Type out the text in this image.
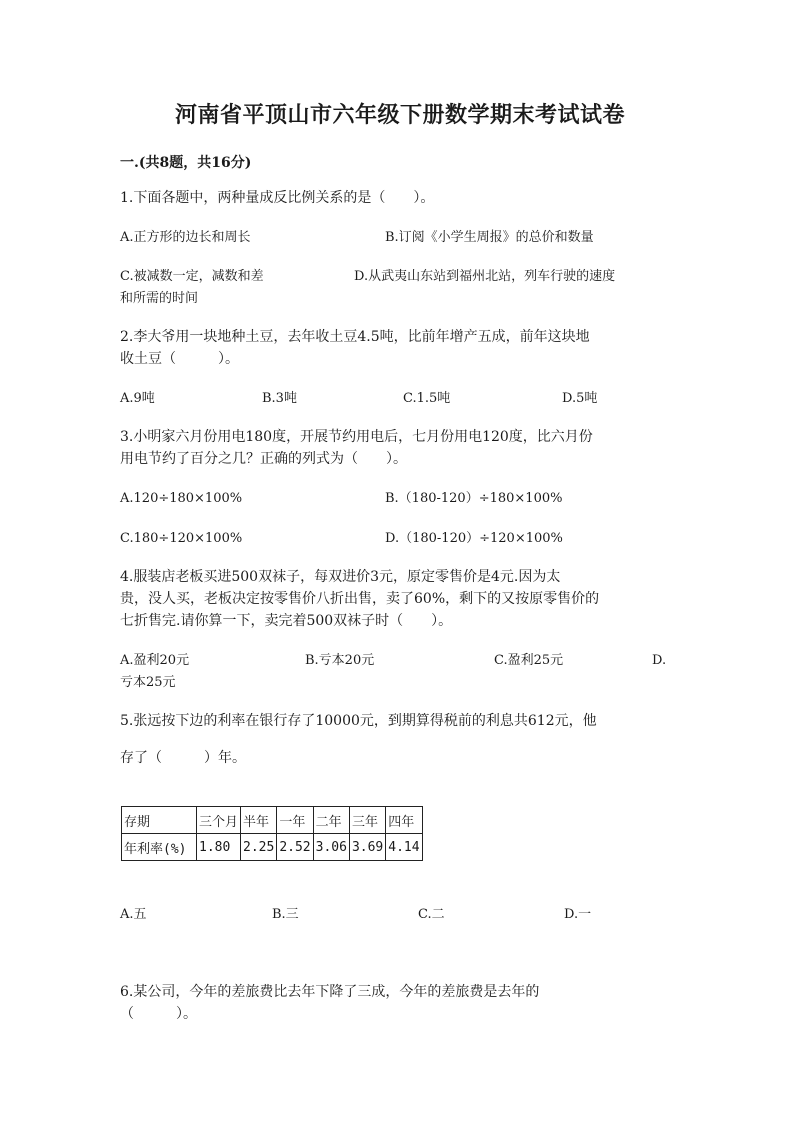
河南省平顶山市六年级下册数学期末考试试卷
一.(共8题，共16分)
1.下面各题中，两种量成反比例关系的是（　　）。
A.正方形的边长和周长	B.订阅《小学生周报》的总价和数量
C.被减数一定，减数和差	D.从武夷山东站到福州北站，列车行驶的速度
和所需的时间
2.李大爷用一块地种土豆，去年收土豆4.5吨，比前年增产五成，前年这块地
收土豆（　　　）。
A.9吨	B.3吨	C.1.5吨	D.5吨
3.小明家六月份用电180度，开展节约用电后，七月份用电120度，比六月份
用电节约了百分之几？正确的列式为（　　）。
A.120÷180×100%	B.（180-120）÷180×100%
C.180÷120×100%	D.（180-120）÷120×100%
4.服装店老板买进500双袜子，每双进价3元，原定零售价是4元.因为太
贵，没人买，老板决定按零售价八折出售，卖了60%，剩下的又按原零售价的
七折售完.请你算一下，卖完着500双袜子时（　　）。
A.盈利20元	B.亏本20元	C.盈利25元	D.
亏本25元
5.张远按下边的利率在银行存了10000元，到期算得税前的利息共612元，他
存了（　　　）年。
存期	三个月	半年	一年	二年	三年	四年
年利率(%)	1.80	2.25	2.52	3.06	3.69	4.14
A.五	B.三	C.二	D.一
6.某公司，今年的差旅费比去年下降了三成，今年的差旅费是去年的
（　　　）。
